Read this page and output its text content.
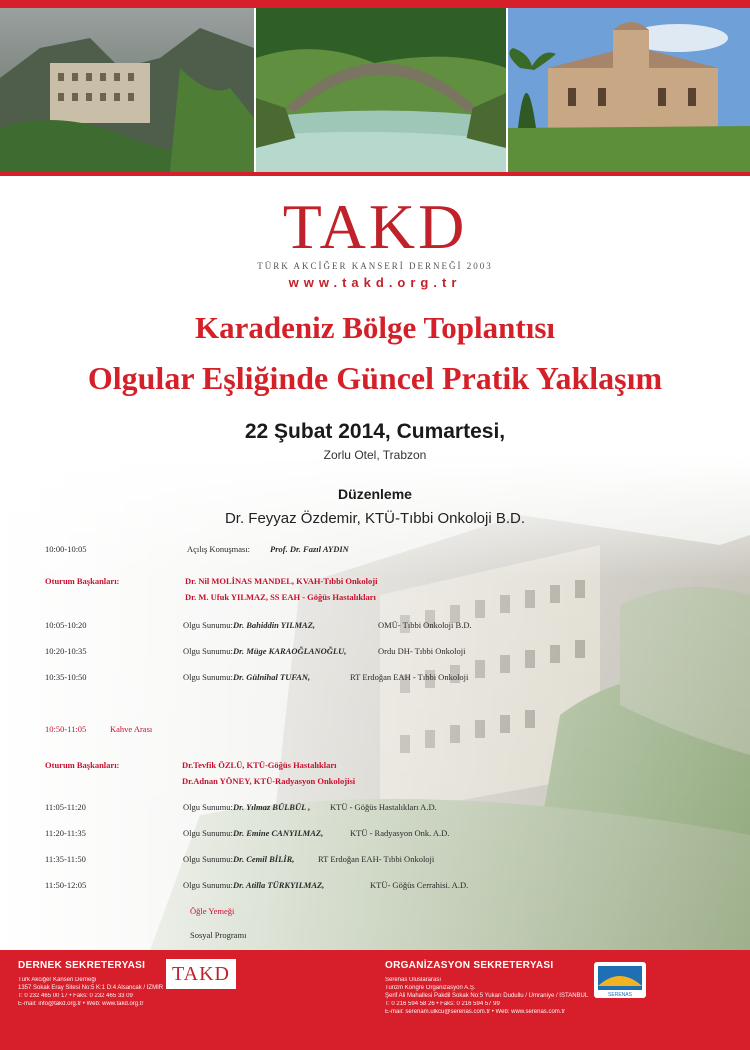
TAKD
TÜRK AKCİĞER KANSERİ DERNEĞİ 2003
www.takd.org.tr
Karadeniz Bölge Toplantısı
Olgular Eşliğinde Güncel Pratik Yaklaşım
22 Şubat 2014, Cumartesi,
Zorlu Otel, Trabzon
Düzenleme
Dr. Feyyaz Özdemir, KTÜ-Tıbbi Onkoloji B.D.
10:00-10:05	Açılış Konuşması: Prof. Dr. Fazıl AYDIN
Oturum Başkanları:	Dr. Nil MOLİNAS MANDEL, KVAH-Tıbbi Onkoloji
Dr. M. Ufuk YILMAZ, SS EAH - Göğüs Hastalıkları
10:05-10:20	Olgu Sunumu: Dr. Bahiddin YILMAZ,	OMÜ- Tıbbi Onkoloji B.D.
10:20-10:35	Olgu Sunumu: Dr. Müge KARAOĞLANOĞLU,	Ordu DH- Tıbbi Onkoloji
10:35-10:50	Olgu Sunumu: Dr. Gülnihal TUFAN,	RT Erdoğan EAH - Tıbbi Onkoloji
10:50-11:05	Kahve Arası
Oturum Başkanları:	Dr.Tevfik ÖZLÜ, KTÜ-Göğüs Hastalıkları
Dr.Adnan YÖNEY, KTÜ-Radyasyon Onkolojisi
11:05-11:20	Olgu Sunumu: Dr. Yılmaz BÜLBÜL , KTÜ - Göğüs Hastalıkları A.D.
11:20-11:35	Olgu Sunumu: Dr. Emine CANYILMAZ,	KTÜ - Radyasyon Onk. A.D.
11:35-11:50	Olgu Sunumu: Dr. Cemil BİLİR,	RT Erdoğan EAH- Tıbbi Onkoloji
11:50-12:05	Olgu Sunumu: Dr. Atilla TÜRKYILMAZ,	KTÜ- Göğüs Cerrahisi. A.D.
Öğle Yemeği
Sosyal Programı
DERNEK SEKRETERYASI
Türk Akciğer Kanseri Derneği
1357 Sokak Eray Sitesi No:5 K:1 D:4 Alsancak / İZMİR
T: 0 232 465 00 17 • Faks: 0 232 465 33 09
E-mail: info@takd.org.tr • Web: www.takd.org.tr
TAKD	ORGANİZASYON SEKRETERYASI
Serenas Uluslararası
Turizm Kongre Organizasyon A.Ş.
Şerif Ali Mahallesi Pakdil Sokak No:5 Yukarı Dudullu / Ümraniye / İSTANBUL
T: 0 216 594 58 26 • Faks: 0 216 594 57 99
E-mail: serenam.ulkcu@serenas.com.tr • Web: www.serenas.com.tr
SERENAS
